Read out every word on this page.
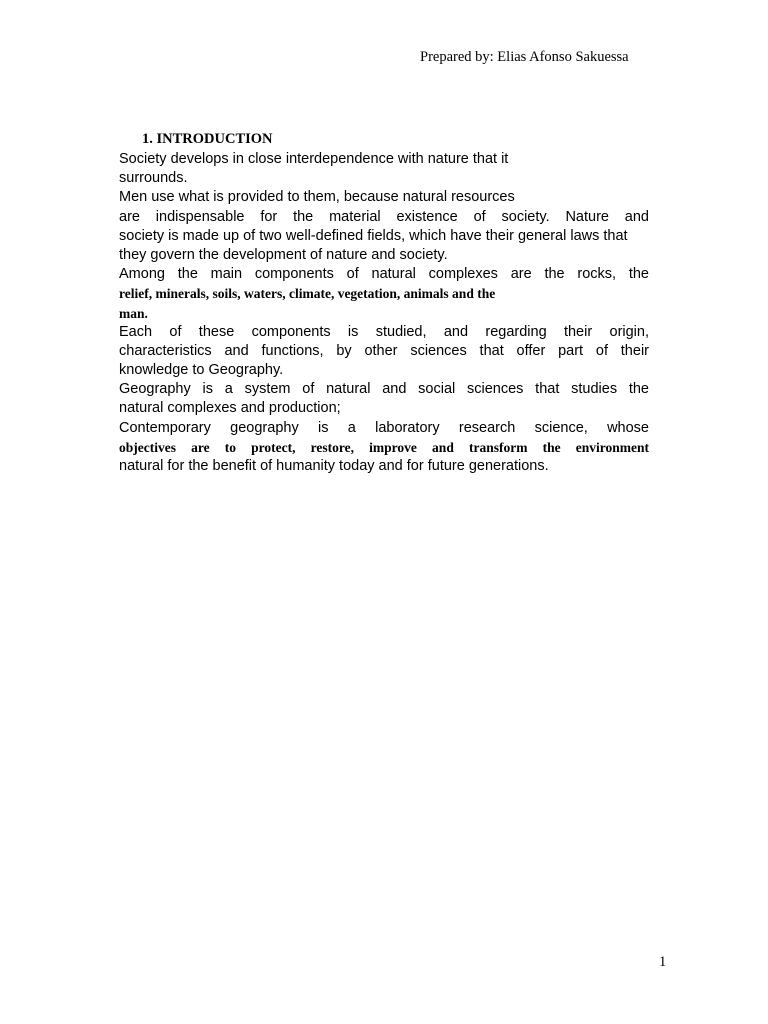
Prepared by: Elias Afonso Sakuessa
1. INTRODUCTION
Society develops in close interdependence with nature that it
surrounds.
Men use what is provided to them, because natural resources
are indispensable for the material existence of society. Nature and
society is made up of two well-defined fields, which have their general laws that
they govern the development of nature and society.
Among the main components of natural complexes are the rocks, the
relief, minerals, soils, waters, climate, vegetation, animals and the
man.
Each of these components is studied, and regarding their origin,
characteristics and functions, by other sciences that offer part of their
knowledge to Geography.
Geography is a system of natural and social sciences that studies the
natural complexes and production;
Contemporary geography is a laboratory research science, whose
objectives are to protect, restore, improve and transform the environment
natural for the benefit of humanity today and for future generations.
1
